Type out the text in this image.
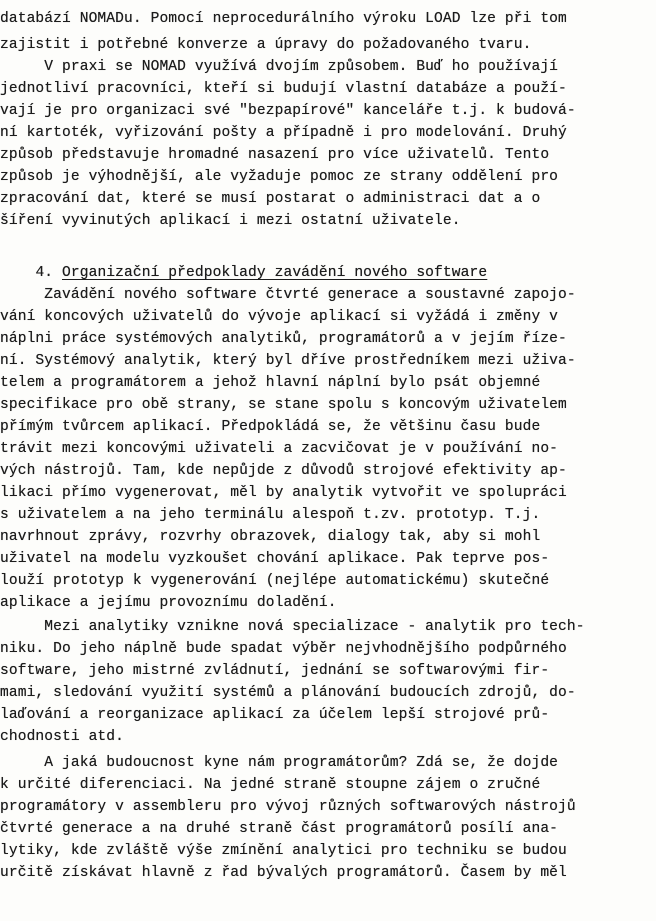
databází NOMADu. Pomocí neprocedurálního výroku LOAD lze při tom
zajistit i potřebné konverze a úpravy do požadovaného tvaru.
V praxi se NOMAD využívá dvojím způsobem. Buď ho používají
jednotliví pracovníci, kteří si budují vlastní databáze a použí-
vají je pro organizaci své "bezpapírové" kanceláře t.j. k budová-
ní kartoték, vyřizování pošty a případně i pro modelování. Druhý
způsob představuje hromadné nasazení pro více uživatelů. Tento
způsob je výhodnější, ale vyžaduje pomoc ze strany oddělení pro
zpracování dat, které se musí postarat o administraci dat a o
šíření vyvinutých aplikací i mezi ostatní uživatele.

4. Organizační předpoklady zavádění nového software

Zavádění nového software čtvrté generace a soustavné zapojo-
vání koncových uživatelů do vývoje aplikací si vyžádá i změny v
náplni práce systémových analytiků, programátorů a v jejím řízе-
ní. Systémový analytik, který byl dříve prostředníkem mezi uživa-
telem a programátorem a jehož hlavní náplní bylo psát objemné
specifikace pro obě strany, se stane spolu s koncovým uživatelem
přímým tvůrcem aplikací. Předpokládá se, že většinu času bude
trávit mezi koncovými uživateli a zacvičovat je v používání no-
vých nástrojů. Tam, kde nepůjde z důvodů strojové efektivity ap-
likaci přímo vygenerovat, měl by analytik vytvořit ve spolupráci
s uživatelem a na jeho terminálu alespoň t.zv. prototyp. T.j.
navrhnout zprávy, rozvrhy obrazovek, dialogy tak, aby si mohl
uživatel na modelu vyzkoušet chování aplikace. Pak teprve pos-
louží prototyp k vygenerování (nejlépe automatickému) skutečné
aplikace a jejímu provoznímu doladění.
Mezi analytiky vznikne nová specializace - analytik pro tech-
niku. Do jeho náplně bude spadat výběr nejvhodnějšího podpůrného
software, jeho mistrné zvládnutí, jednání se softwarovými fir-
mami, sledování využití systémů a plánování budoucích zdrojů, do-
laďování a reorganizace aplikací za účelem lepší strojové prů-
chodnosti atd.
A jaká budoucnost kyne nám programátorům? Zdá se, že dojde
k určité diferenciaci. Na jedné straně stoupne zájem o zručné
programátory v assembleru pro vývoj různých softwarových nástrojů
čtvrté generace a na druhé straně část programátorů posílí ana-
lytiky, kde zvláště výše zmínění analytici pro techniku se budou
určitě získávat hlavně z řad bývalých programátorů. Časem by měl
